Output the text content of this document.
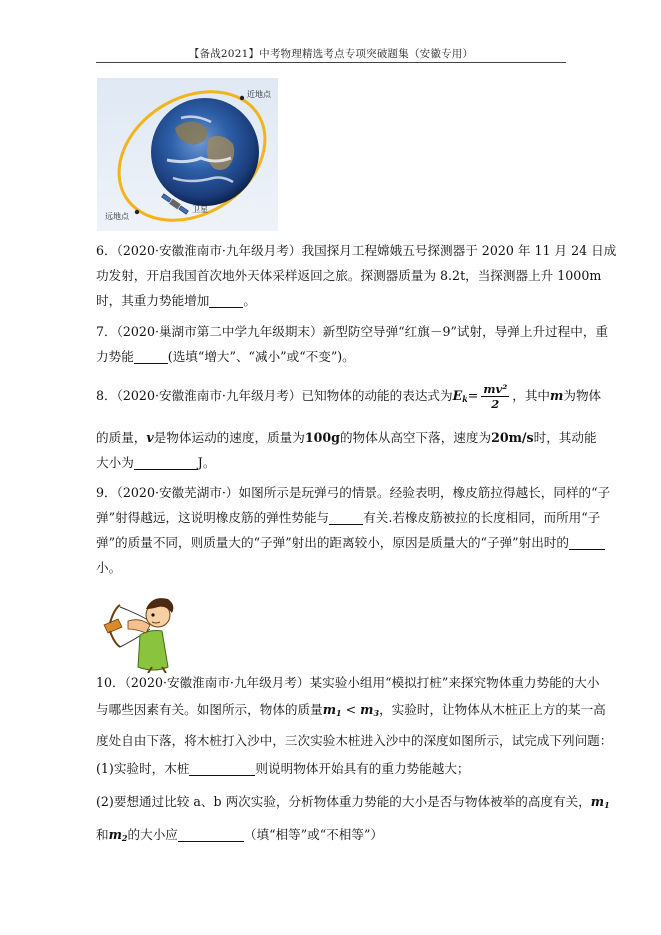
【备战2021】中考物理精选考点专项突破题集（安徽专用）
近地点
远地点
卫星
6．（2020·安徽淮南市·九年级月考）我国探月工程嫦娥五号探测器于 2020 年 11 月 24 日成
功发射，开启我国首次地外天体采样返回之旅。探测器质量为 8.2t，当探测器上升 1000m
时，其重力势能增加	。
7．（2020·巢湖市第二中学九年级期末）新型防空导弹“红旗－9”试射，导弹上升过程中，重
力势能	(选填“增大”、“减小”或“不变”)。
8．（2020·安徽淮南市·九年级月考）已知物体的动能的表达式为$E_k= \frac{\text{mv²}}{2}$ ，其中m为物体
的质量，v是物体运动的速度，质量为100g的物体从高空下落，速度为20m/s时，其动能
大小为	J。
9．（2020·安徽芜湖市·）如图所示是玩弹弓的情景。经验表明，橡皮筋拉得越长，同样的“子
弹”射得越远，这说明橡皮筋的弹性势能与	有关.若橡皮筋被拉的长度相同，而所用“子
弹”的质量不同，则质量大的“子弹”射出的距离较小，原因是质量大的“子弹”射出时的
小。
10．（2020·安徽淮南市·九年级月考）某实验小组用“模拟打桩”来探究物体重力势能的大小
与哪些因素有关。如图所示，物体的质量$m_1 < m_3$，实验时，让物体从木桩正上方的某一高
度处自由下落，将木桩打入沙中，三次实验木桩进入沙中的深度如图所示，试完成下列问题：
(1)实验时，木桩	则说明物体开始具有的重力势能越大；
(2)要想通过比较 a、b 两次实验，分析物体重力势能的大小是否与物体被举的高度有关，$m_1$
和$m_2$的大小应	（填“相等”或“不相等”）
